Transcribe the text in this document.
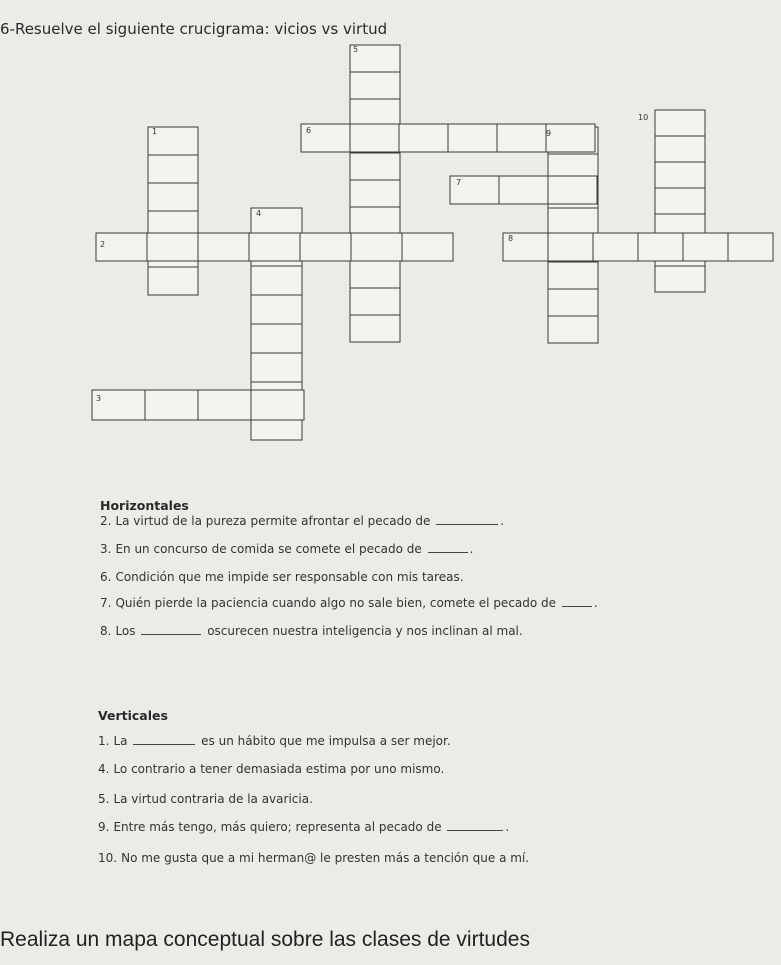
6-Resuelve el siguiente crucigrama: vicios vs virtud
1
2
3
4
5
6
7
8
9
10
Horizontales
2. La virtud de la pureza permite afrontar el pecado de	.
3. En un concurso de comida se comete el pecado de	.
6. Condición que me impide ser responsable con mis tareas.
7. Quién pierde la paciencia cuando algo no sale bien, comete el pecado de	.
8. Los	oscurecen nuestra inteligencia y nos inclinan al mal.
Verticales
1. La	es un hábito que me impulsa a ser mejor.
4. Lo contrario a tener demasiada estima por uno mismo.
5. La virtud contraria de la avaricia.
9. Entre más tengo, más quiero; representa al pecado de	.
10. No me gusta que a mi herman@ le presten más a tención que a mí.
Realiza un mapa conceptual sobre las clases de virtudes
